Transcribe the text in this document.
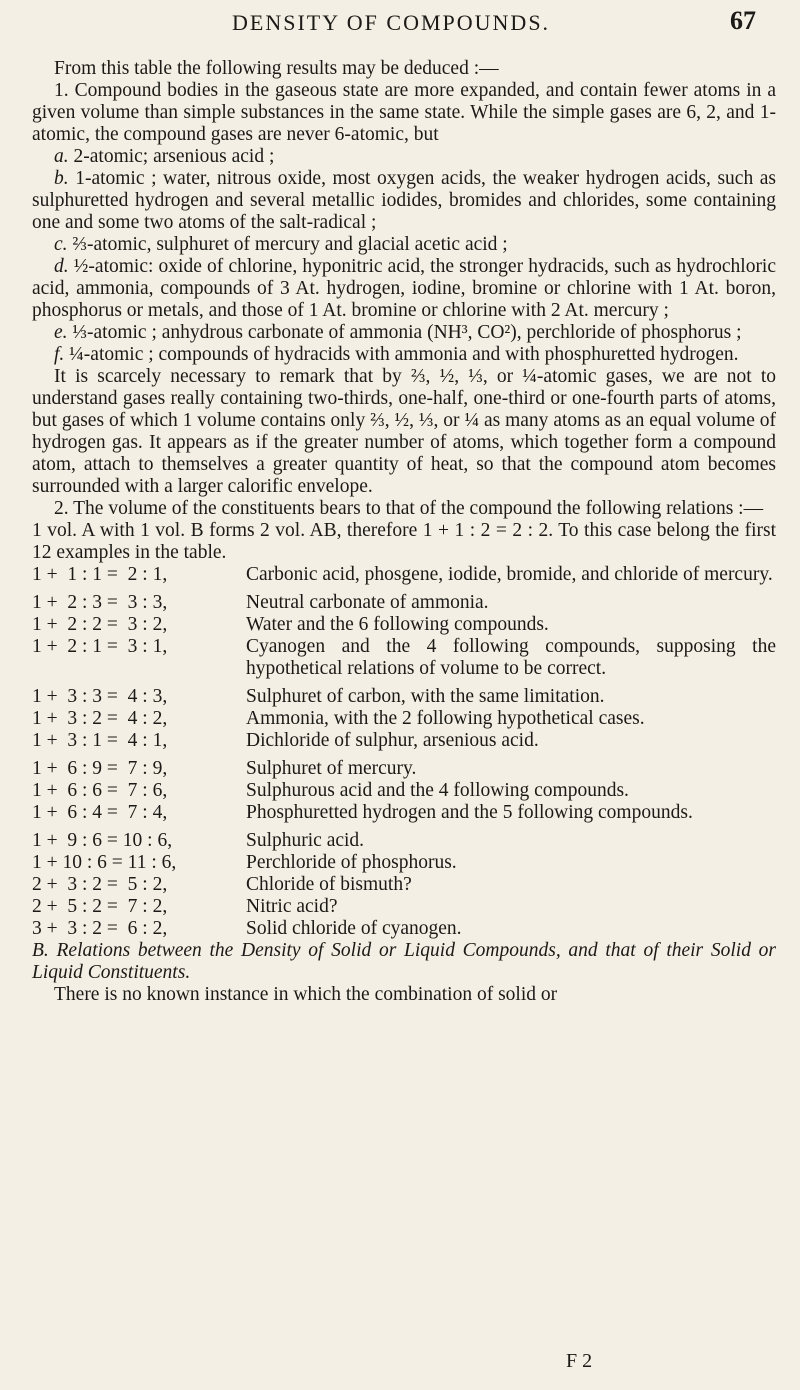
DENSITY OF COMPOUNDS.	67

From this table the following results may be deduced :—

1. Compound bodies in the gaseous state are more expanded, and contain fewer atoms in a given volume than simple substances in the same state. While the simple gases are 6, 2, and 1-atomic, the compound gases are never 6-atomic, but

a. 2-atomic; arsenious acid ;

b. 1-atomic ; water, nitrous oxide, most oxygen acids, the weaker hydrogen acids, such as sulphuretted hydrogen and several metallic iodides, bromides and chlorides, some containing one and some two atoms of the salt-radical ;

c. ⅔-atomic, sulphuret of mercury and glacial acetic acid ;

d. ½-atomic: oxide of chlorine, hyponitric acid, the stronger hydracids, such as hydrochloric acid, ammonia, compounds of 3 At. hydrogen, iodine, bromine or chlorine with 1 At. boron, phosphorus or metals, and those of 1 At. bromine or chlorine with 2 At. mercury ;

e. ⅓-atomic ; anhydrous carbonate of ammonia (NH³, CO²), perchloride of phosphorus ;

f. ¼-atomic ; compounds of hydracids with ammonia and with phosphuretted hydrogen.

It is scarcely necessary to remark that by ⅔, ½, ⅓, or ¼-atomic gases, we are not to understand gases really containing two-thirds, one-half, one-third or one-fourth parts of atoms, but gases of which 1 volume contains only ⅔, ½, ⅓, or ¼ as many atoms as an equal volume of hydrogen gas. It appears as if the greater number of atoms, which together form a compound atom, attach to themselves a greater quantity of heat, so that the compound atom becomes surrounded with a larger calorific envelope.

2. The volume of the constituents bears to that of the compound the following relations :—

1 vol. A with 1 vol. B forms 2 vol. AB, therefore 1 + 1 : 2 = 2 : 2. To this case belong the first 12 examples in the table.

1 +  1 : 1 =  2 : 1,	Carbonic acid, phosgene, iodide, bromide, and chloride of mercury.
1 +  2 : 3 =  3 : 3,	Neutral carbonate of ammonia.
1 +  2 : 2 =  3 : 2,	Water and the 6 following compounds.
1 +  2 : 1 =  3 : 1,	Cyanogen and the 4 following compounds, supposing the hypothetical relations of volume to be correct.
1 +  3 : 3 =  4 : 3,	Sulphuret of carbon, with the same limitation.
1 +  3 : 2 =  4 : 2,	Ammonia, with the 2 following hypothetical cases.
1 +  3 : 1 =  4 : 1,	Dichloride of sulphur, arsenious acid.
1 +  6 : 9 =  7 : 9,	Sulphuret of mercury.
1 +  6 : 6 =  7 : 6,	Sulphurous acid and the 4 following compounds.
1 +  6 : 4 =  7 : 4,	Phosphuretted hydrogen and the 5 following compounds.
1 +  9 : 6 = 10 : 6,	Sulphuric acid.
1 + 10 : 6 = 11 : 6,	Perchloride of phosphorus.
2 +  3 : 2 =  5 : 2,	Chloride of bismuth?
2 +  5 : 2 =  7 : 2,	Nitric acid?
3 +  3 : 2 =  6 : 2,	Solid chloride of cyanogen.

B. Relations between the Density of Solid or Liquid Compounds, and that of their Solid or Liquid Constituents.

There is no known instance in which the combination of solid or

F 2
